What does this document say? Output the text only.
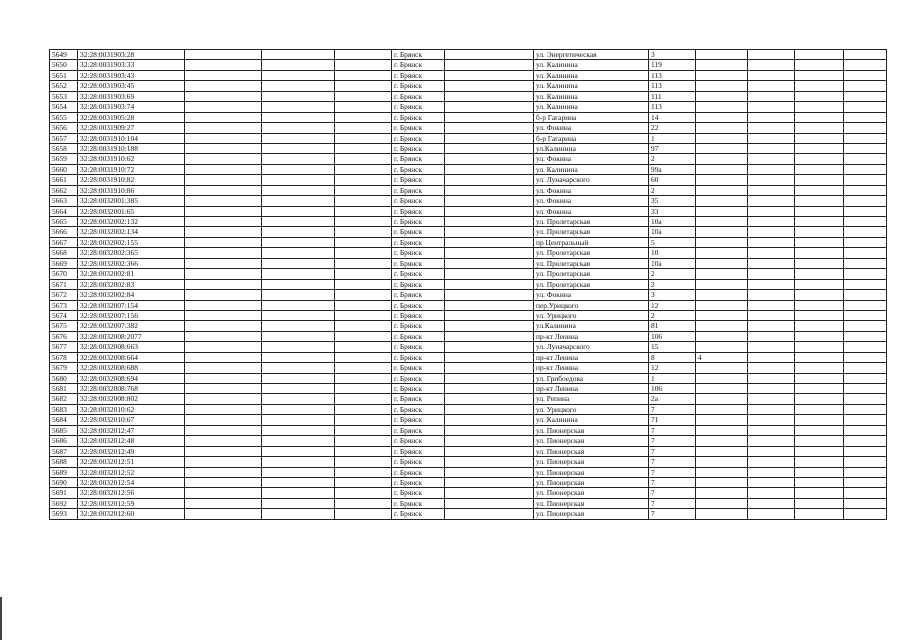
5649	32:28:0031903:28				г. Брянск		ул. Энергетическая	3				
5650	32:28:0031903:33				г. Брянск		ул. Калинина	119				
5651	32:28:0031903:43				г. Брянск		ул. Калинина	113				
5652	32:28:0031903:45				г. Брянск		ул. Калинина	113				
5653	32:28:0031903:69				г. Брянск		ул. Калинина	111				
5654	32:28:0031903:74				г. Брянск		ул. Калинина	113				
5655	32:28:0031905:28				г. Брянск		б-р Гагарина	14				
5656	32:28:0031909:27				г. Брянск		ул. Фокина	22				
5657	32:28:0031910:104				г. Брянск		б-р Гагарина	1				
5658	32:28:0031910:188				г. Брянск		ул.Калинина	97				
5659	32:28:0031910:62				г. Брянск		ул. Фокина	2				
5660	32:28:0031910:72				г. Брянск		ул. Калинина	99а				
5661	32:28:0031910:82				г. Брянск		ул. Луначарского	60				
5662	32:28:0031910:86				г. Брянск		ул. Фокина	2				
5663	32:28:0032001:385				г. Брянск		ул. Фокина	35				
5664	32:28:0032001:65				г. Брянск		ул. Фокина	33				
5665	32:28:0032002:132				г. Брянск		ул. Пролетарская	10а				
5666	32:28:0032002:134				г. Брянск		ул. Пролетарская	10а				
5667	32:28:0032002:155				г. Брянск		пр Центральный	5				
5668	32:28:0032002:365				г. Брянск		ул. Пролетарская	10				
5669	32:28:0032002:366				г. Брянск		ул. Пролетарская	10а				
5670	32:28:0032002:81				г. Брянск		ул. Пролетарская	2				
5671	32:28:0032002:83				г. Брянск		ул. Пролетарская	2				
5672	32:28:0032002:84				г. Брянск		ул. Фокина	3				
5673	32:28:0032007:154				г. Брянск		пер.Урицкого	12				
5674	32:28:0032007:156				г. Брянск		ул. Урицкого	2				
5675	32:28:0032007:382				г. Брянск		ул.Калинина	81				
5676	32:28:0032008:2077				г. Брянск		пр-кт Ленина	106				
5677	32:28:0032008:663				г. Брянск		ул. Луначарского	15				
5678	32:28:0032008:664				г. Брянск		пр-кт Ленина	8	4			
5679	32:28:0032008:688				г. Брянск		пр-кт Ленина	12				
5680	32:28:0032008:694				г. Брянск		ул. Грибоедова	1				
5681	32:28:0032008:768				г. Брянск		пр-кт Ленина	106				
5682	32:28:0032008:802				г. Брянск		ул. Репина	2а				
5683	32:28:0032010:62				г. Брянск		ул. Урицкого	7				
5684	32:28:0032010:67				г. Брянск		ул. Калинина	71				
5685	32:28:0032012:47				г. Брянск		ул. Пионерская	7				
5686	32:28:0032012:48				г. Брянск		ул. Пионерская	7				
5687	32:28:0032012:49				г. Брянск		ул. Пионерская	7				
5688	32:28:0032012:51				г. Брянск		ул. Пионерская	7				
5689	32:28:0032012:52				г. Брянск		ул. Пионерская	7				
5690	32:28:0032012:54				г. Брянск		ул. Пионерская	7				
5691	32:28:0032012:56				г. Брянск		ул. Пионерская	7				
5692	32:28:0032012:59				г. Брянск		ул. Пионерская	7				
5693	32:28:0032012:60				г. Брянск		ул. Пионерская	7				
